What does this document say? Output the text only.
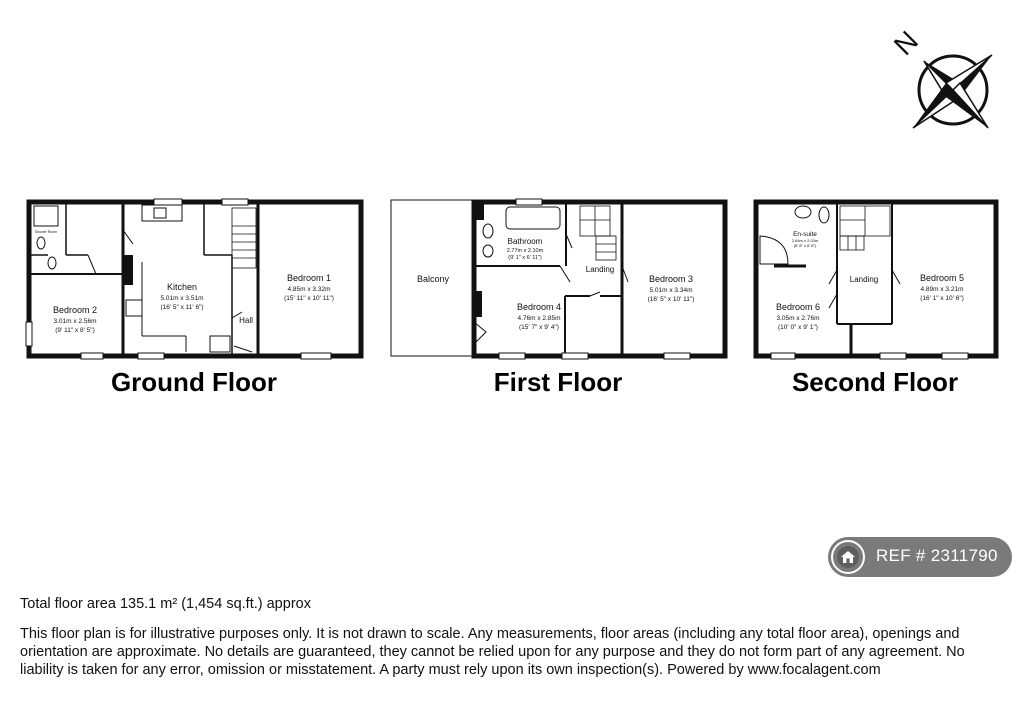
N
Kitchen
5.01m x 3.51m
(16' 5" x 11' 6")
Bedroom 1
4.85m x 3.32m
(15' 11" x 10' 11")
Bedroom 2
3.01m x 2.56m
(9' 11" x 8' 5")
Hall
Shower Room
Balcony
Bathroom
2.77m x 2.10m
(9' 1" x 6' 11")
Landing
Bedroom 3
5.01m x 3.34m
(16' 5" x 10' 11")
Bedroom 4
4.76m x 2.85m
(15' 7" x 9' 4")
En-suite
2.64m x 2.03m
(8' 8" x 6' 8")
Landing	Bedroom 5
4.89m x 3.21m
(16' 1" x 10' 6")
Bedroom 6
3.05m x 2.76m
(10' 0" x 9' 1")
Ground Floor	First Floor	Second Floor
REF # 2311790
Total floor area 135.1 m² (1,454 sq.ft.) approx
This floor plan is for illustrative purposes only. It is not drawn to scale. Any measurements, floor areas (including any total floor area), openings and orientation are approximate. No details are guaranteed, they cannot be relied upon for any purpose and they do not form part of any agreement. No liability is taken for any error, omission or misstatement. A party must rely upon its own inspection(s). Powered by www.focalagent.com
